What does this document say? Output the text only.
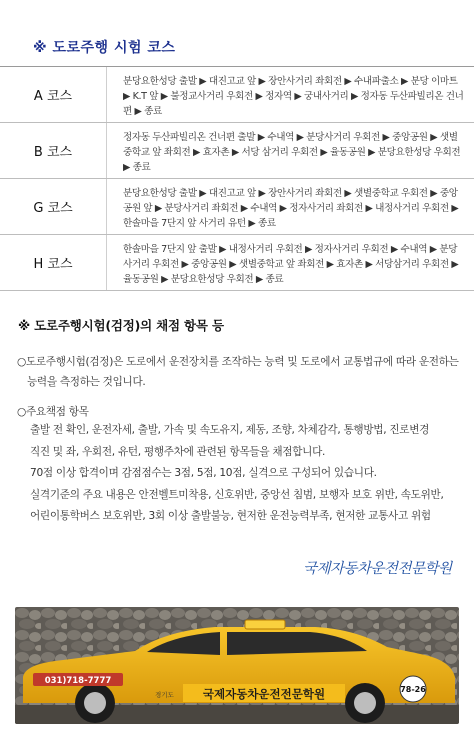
※ 도로주행 시험 코스
A 코스
분당요한성당 출발 ▶ 대진고교 앞 ▶ 장안사거리 좌회전 ▶ 수내파출소 ▶ 분당 이마트 ▶ K.T 앞 ▶ 불정교사거리 우회전 ▶ 정자역 ▶ 궁내사거리 ▶ 정자동 두산파빌리온 건너편 ▶ 종료
B 코스
정자동 두산파빌리온 건너편 출발 ▶ 수내역 ▶ 분당사거리 우회전 ▶ 중앙공원 ▶ 샛별중학교 앞 좌회전 ▶ 효자촌 ▶ 서당 삼거리 우회전 ▶ 율동공원 ▶ 분당요한성당 우회전 ▶ 종료
G 코스
분당요한성당 출발 ▶ 대진고교 앞 ▶ 장안사거리 좌회전 ▶ 샛별중학교 우회전 ▶ 중앙공원 앞 ▶ 분당사거리 좌회전 ▶ 수내역 ▶ 정자사거리 좌회전 ▶ 내정사거리 우회전 ▶ 한솔마을 7단지 앞 사거리 유턴 ▶ 종료
H 코스
한솔마을 7단지 앞 출발 ▶ 내정사거리 우회전 ▶ 정자사거리 우회전 ▶ 수내역 ▶ 분당사거리 우회전 ▶ 중앙공원 ▶ 샛별중학교 앞 좌회전 ▶ 효자촌 ▶ 서당삼거리 우회전 ▶ 율동공원 ▶ 분당요한성당 우회전 ▶ 종료
※ 도로주행시험(검정)의 채점 항목 등
○도로주행시험(검정)은 도로에서 운전장치를 조작하는 능력 및 도로에서 교통법규에 따라 운전하는
능력을 측정하는 것입니다.
○주요책점 항목
출발 전 확인, 운전자세, 출발, 가속 및 속도유지, 제동, 조향, 차체감각, 통행방법, 진로변경
직진 및 좌, 우회전, 유턴, 평행주차에 관련된 항목들을 채점합니다.
70점 이상 합격이며 감점점수는 3점, 5점, 10점, 실격으로 구성되어 있습니다.
실격기준의 주요 내용은 안전벨트미착용, 신호위반, 중앙선 침범, 보행자 보호 위반, 속도위반,
어린이통학버스 보호위반, 3회 이상 출발불능, 현저한 운전능력부족, 현저한 교통사고 위험
국제자동차운전전문학원
031)718-7777
경기도	국제자동차운전전문학원	78-26
